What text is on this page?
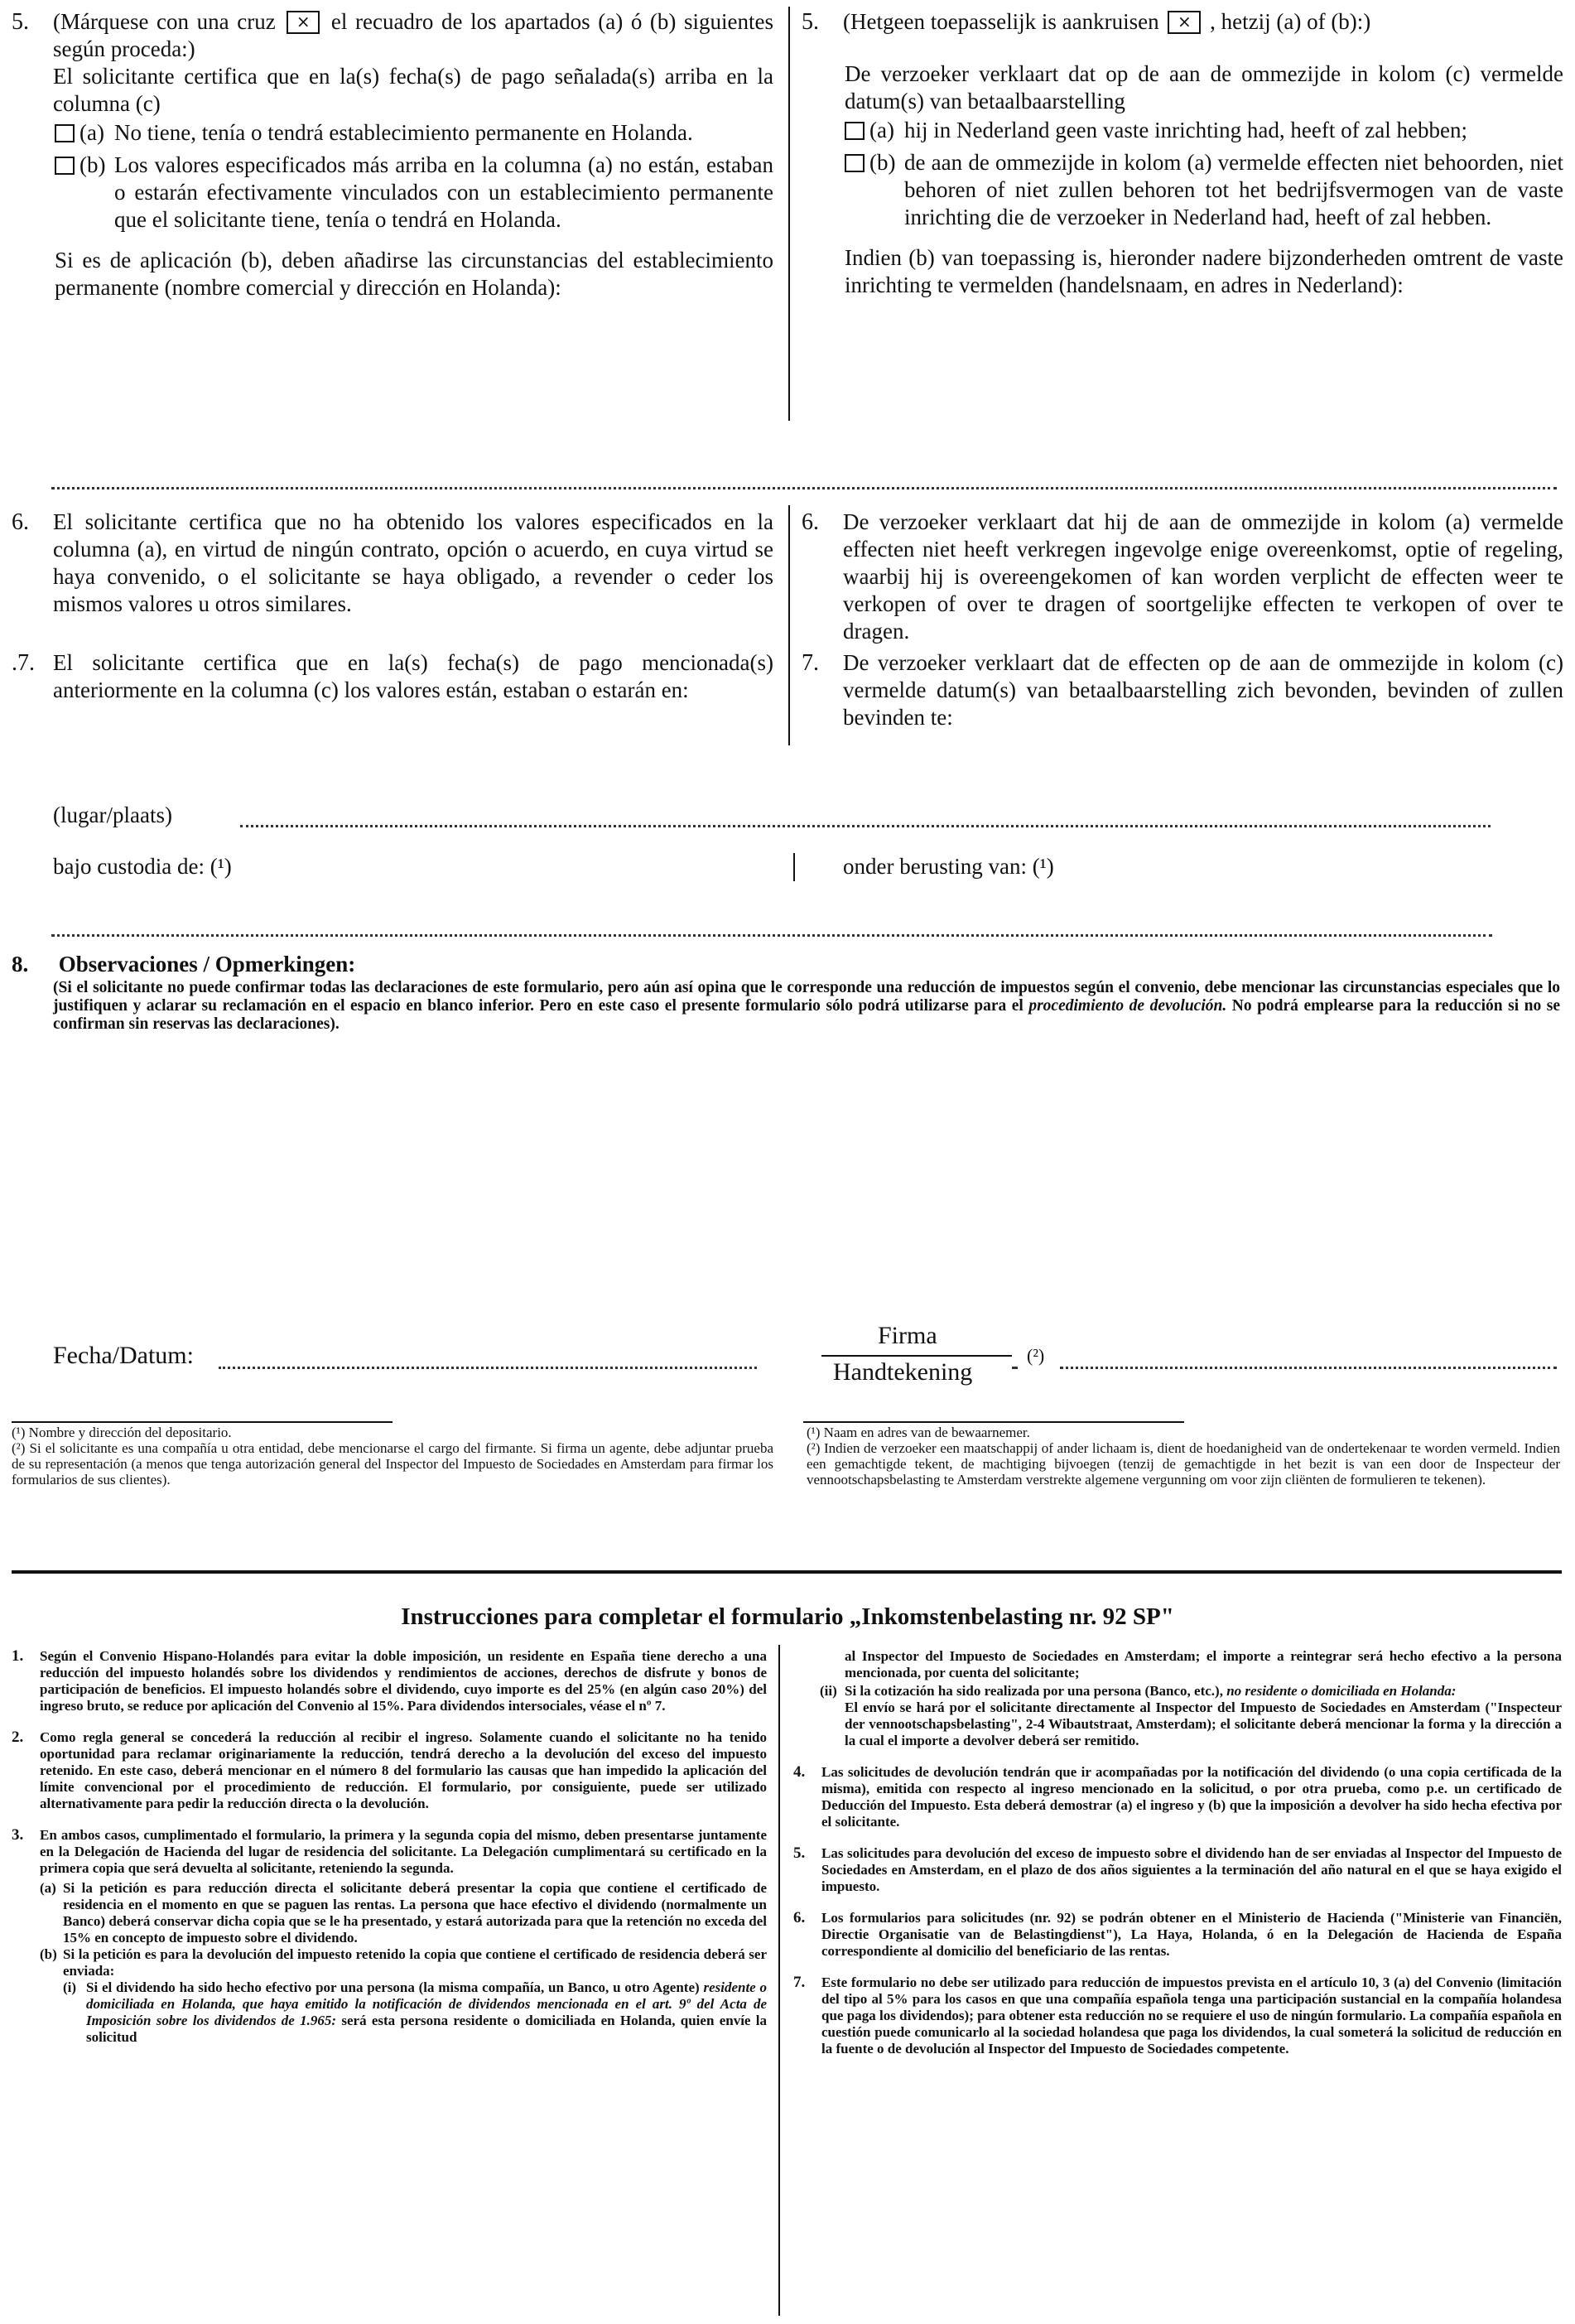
5.	(Márquese con una cruz × el recuadro de los apartados (a) ó (b) siguientes según proceda:)
El solicitante certifica que en la(s) fecha(s) de pago señalada(s) arriba en la columna (c)
(a) No tiene, tenía o tendrá establecimiento permanente en Holanda.
(b) Los valores especificados más arriba en la columna (a) no están, estaban o estarán efectivamente vinculados con un establecimiento permanente que el solicitante tiene, tenía o tendrá en Holanda.
Si es de aplicación (b), deben añadirse las circunstancias del establecimiento permanente (nombre comercial y dirección en Holanda):
5.	(Hetgeen toepasselijk is aankruisen × , hetzij (a) of (b):)
De verzoeker verklaart dat op de aan de ommezijde in kolom (c) vermelde datum(s) van betaalbaarstelling
(a) hij in Nederland geen vaste inrichting had, heeft of zal hebben;
(b) de aan de ommezijde in kolom (a) vermelde effecten niet behoorden, niet behoren of niet zullen behoren tot het bedrijfsvermogen van de vaste inrichting die de verzoeker in Nederland had, heeft of zal hebben.
Indien (b) van toepassing is, hieronder nadere bijzonderheden omtrent de vaste inrichting te vermelden (handelsnaam, en adres in Nederland):
6.	El solicitante certifica que no ha obtenido los valores especificados en la columna (a), en virtud de ningún contrato, opción o acuerdo, en cuya virtud se haya convenido, o el solicitante se haya obligado, a revender o ceder los mismos valores u otros similares.
6.	De verzoeker verklaart dat hij de aan de ommezijde in kolom (a) vermelde effecten niet heeft verkregen ingevolge enige overeenkomst, optie of regeling, waarbij hij is overeengekomen of kan worden verplicht de effecten weer te verkopen of over te dragen of soortgelijke effecten te verkopen of over te dragen.
.7. El solicitante certifica que en la(s) fecha(s) de pago mencionada(s) anteriormente en la columna (c) los valores están, estaban o estarán en:
7.	De verzoeker verklaart dat de effecten op de aan de ommezijde in kolom (c) vermelde datum(s) van betaalbaarstelling zich bevonden, bevinden of zullen bevinden te:
(lugar/plaats)
bajo custodia de: (¹)	onder berusting van: (¹)
8. Observaciones / Opmerkingen:
(Si el solicitante no puede confirmar todas las declaraciones de este formulario, pero aún así opina que le corresponde una reducción de impuestos según el convenio, debe mencionar las circunstancias especiales que lo justifiquen y aclarar su reclamación en el espacio en blanco inferior. Pero en este caso el presente formulario sólo podrá utilizarse para el procedimiento de devolución. No podrá emplearse para la reducción si no se confirman sin reservas las declaraciones).
Fecha/Datum:
Firma
Handtekening
(²)
(¹) Nombre y dirección del depositario.
(²) Si el solicitante es una compañía u otra entidad, debe mencionarse el cargo del firmante. Si firma un agente, debe adjuntar prueba de su representación (a menos que tenga autorización general del Inspector del Impuesto de Sociedades en Amsterdam para firmar los formularios de sus clientes).
(¹) Naam en adres van de bewaarnemer.
(²) Indien de verzoeker een maatschappij of ander lichaam is, dient de hoedanigheid van de ondertekenaar te worden vermeld. Indien een gemachtigde tekent, de machtiging bijvoegen (tenzij de gemachtigde in het bezit is van een door de Inspecteur der vennootschapsbelasting te Amsterdam verstrekte algemene vergunning om voor zijn cliënten de formulieren te tekenen).
Instrucciones para completar el formulario „Inkomstenbelasting nr. 92 SP"

1.	Según el Convenio Hispano-Holandés para evitar la doble imposición, un residente en España tiene derecho a una reducción del impuesto holandés sobre los dividendos y rendimientos de acciones, derechos de disfrute y bonos de participación de beneficios. El impuesto holandés sobre el dividendo, cuyo importe es del 25% (en algún caso 20%) del ingreso bruto, se reduce por aplicación del Convenio al 15%. Para dividendos intersociales, véase el nº 7.

2.	Como regla general se concederá la reducción al recibir el ingreso. Solamente cuando el solicitante no ha tenido oportunidad para reclamar originariamente la reducción, tendrá derecho a la devolución del exceso del impuesto retenido. En este caso, deberá mencionar en el número 8 del formulario las causas que han impedido la aplicación del límite convencional por el procedimiento de reducción. El formulario, por consiguiente, puede ser utilizado alternativamente para pedir la reducción directa o la devolución.

3.	En ambos casos, cumplimentado el formulario, la primera y la segunda copia del mismo, deben presentarse juntamente en la Delegación de Hacienda del lugar de residencia del solicitante. La Delegación cumplimentará su certificado en la primera copia que será devuelta al solicitante, reteniendo la segunda.

(a) Si la petición es para reducción directa el solicitante deberá presentar la copia que contiene el certificado de residencia en el momento en que se paguen las rentas. La persona que hace efectivo el dividendo (normalmente un Banco) deberá conservar dicha copia que se le ha presentado, y estará autorizada para que la retención no exceda del 15% en concepto de impuesto sobre el dividendo.
(b) Si la petición es para la devolución del impuesto retenido la copia que contiene el certificado de residencia deberá ser enviada:
(i) Si el dividendo ha sido hecho efectivo por una persona (la misma compañía, un Banco, u otro Agente) residente o domiciliada en Holanda, que haya emitido la notificación de dividendos mencionada en el art. 9º del Acta de Imposición sobre los dividendos de 1.965: será esta persona residente o domiciliada en Holanda, quien envíe la solicitud
al Inspector del Impuesto de Sociedades en Amsterdam; el importe a reintegrar será hecho efectivo a la persona mencionada, por cuenta del solicitante;
(ii) Si la cotización ha sido realizada por una persona (Banco, etc.), no residente o domiciliada en Holanda:
El envío se hará por el solicitante directamente al Inspector del Impuesto de Sociedades en Amsterdam ("Inspecteur der vennootschapsbelasting", 2-4 Wibautstraat, Amsterdam); el solicitante deberá mencionar la forma y la dirección a la cual el importe a devolver deberá ser remitido.

4.	Las solicitudes de devolución tendrán que ir acompañadas por la notificación del dividendo (o una copia certificada de la misma), emitida con respecto al ingreso mencionado en la solicitud, o por otra prueba, como p.e. un certificado de Deducción del Impuesto. Esta deberá demostrar (a) el ingreso y (b) que la imposición a devolver ha sido hecha efectiva por el solicitante.

5.	Las solicitudes para devolución del exceso de impuesto sobre el dividendo han de ser enviadas al Inspector del Impuesto de Sociedades en Amsterdam, en el plazo de dos años siguientes a la terminación del año natural en el que se haya exigido el impuesto.

6.	Los formularios para solicitudes (nr. 92) se podrán obtener en el Ministerio de Hacienda ("Ministerie van Financiën, Directie Organisatie van de Belastingdienst"), La Haya, Holanda, ó en la Delegación de Hacienda de España correspondiente al domicilio del beneficiario de las rentas.

7.	Este formulario no debe ser utilizado para reducción de impuestos prevista en el artículo 10, 3 (a) del Convenio (limitación del tipo al 5% para los casos en que una compañía española tenga una participación sustancial en la compañía holandesa que paga los dividendos); para obtener esta reducción no se requiere el uso de ningún formulario. La compañía española en cuestión puede comunicarlo al la sociedad holandesa que paga los dividendos, la cual someterá la solicitud de reducción en la fuente o de devolución al Inspector del Impuesto de Sociedades competente.
